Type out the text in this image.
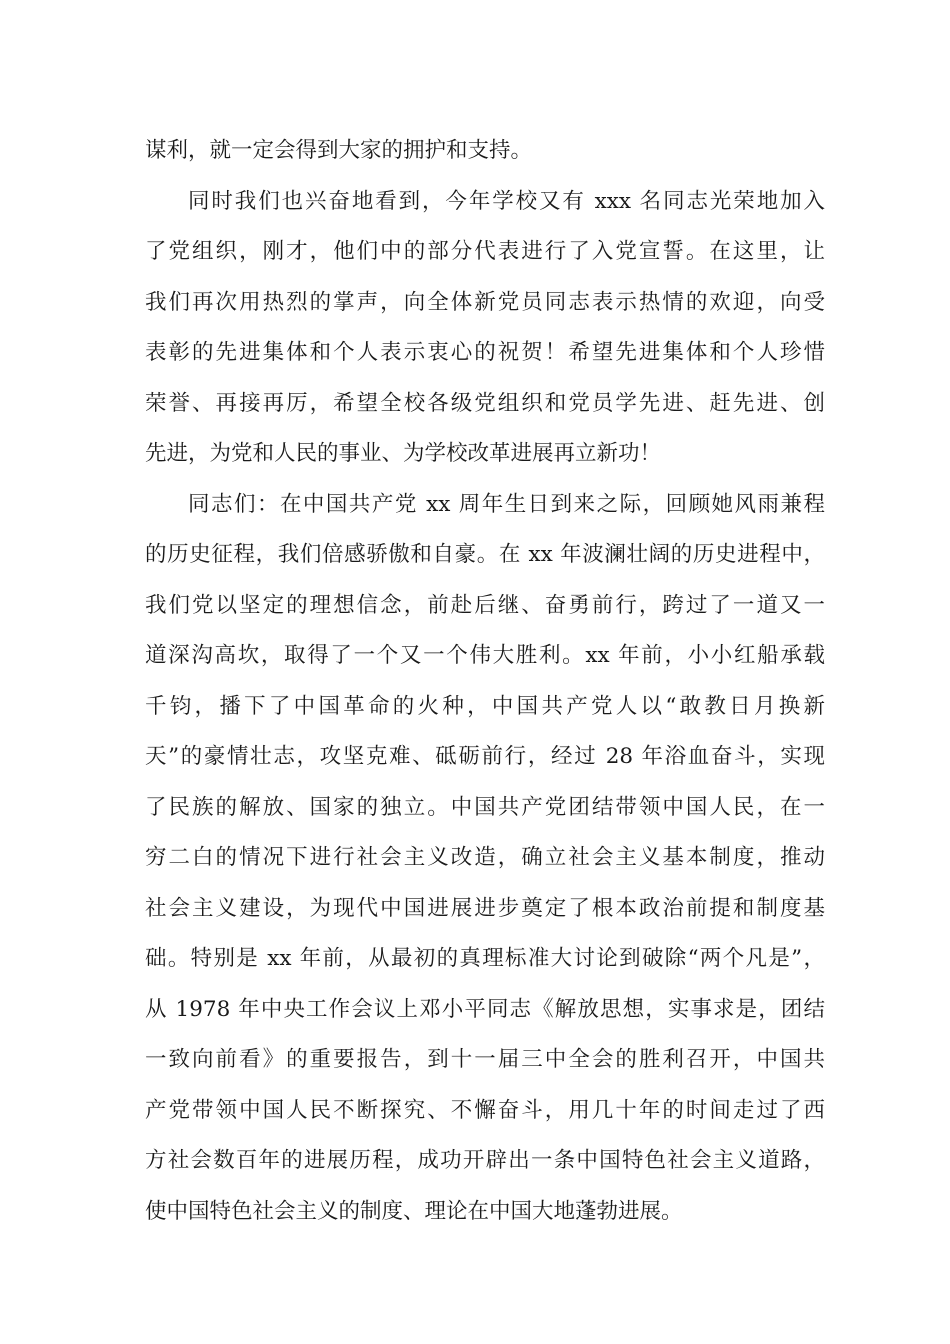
谋利，就一定会得到大家的拥护和支持。
同时我们也兴奋地看到，今年学校又有 xxx 名同志光荣地加入
了党组织，刚才，他们中的部分代表进行了入党宣誓。在这里，让
我们再次用热烈的掌声，向全体新党员同志表示热情的欢迎，向受
表彰的先进集体和个人表示衷心的祝贺！希望先进集体和个人珍惜
荣誉、再接再厉，希望全校各级党组织和党员学先进、赶先进、创
先进，为党和人民的事业、为学校改革进展再立新功！
同志们：在中国共产党 xx 周年生日到来之际，回顾她风雨兼程
的历史征程，我们倍感骄傲和自豪。在 xx 年波澜壮阔的历史进程中，
我们党以坚定的理想信念，前赴后继、奋勇前行，跨过了一道又一
道深沟高坎，取得了一个又一个伟大胜利。xx 年前，小小红船承载
千钧，播下了中国革命的火种，中国共产党人以“敢教日月换新
天”的豪情壮志，攻坚克难、砥砺前行，经过 28 年浴血奋斗，实现
了民族的解放、国家的独立。中国共产党团结带领中国人民，在一
穷二白的情况下进行社会主义改造，确立社会主义基本制度，推动
社会主义建设，为现代中国进展进步奠定了根本政治前提和制度基
础。特别是 xx 年前，从最初的真理标准大讨论到破除“两个凡是”，
从 1978 年中央工作会议上邓小平同志《解放思想，实事求是，团结
一致向前看》的重要报告，到十一届三中全会的胜利召开，中国共
产党带领中国人民不断探究、不懈奋斗，用几十年的时间走过了西
方社会数百年的进展历程，成功开辟出一条中国特色社会主义道路，
使中国特色社会主义的制度、理论在中国大地蓬勃进展。
